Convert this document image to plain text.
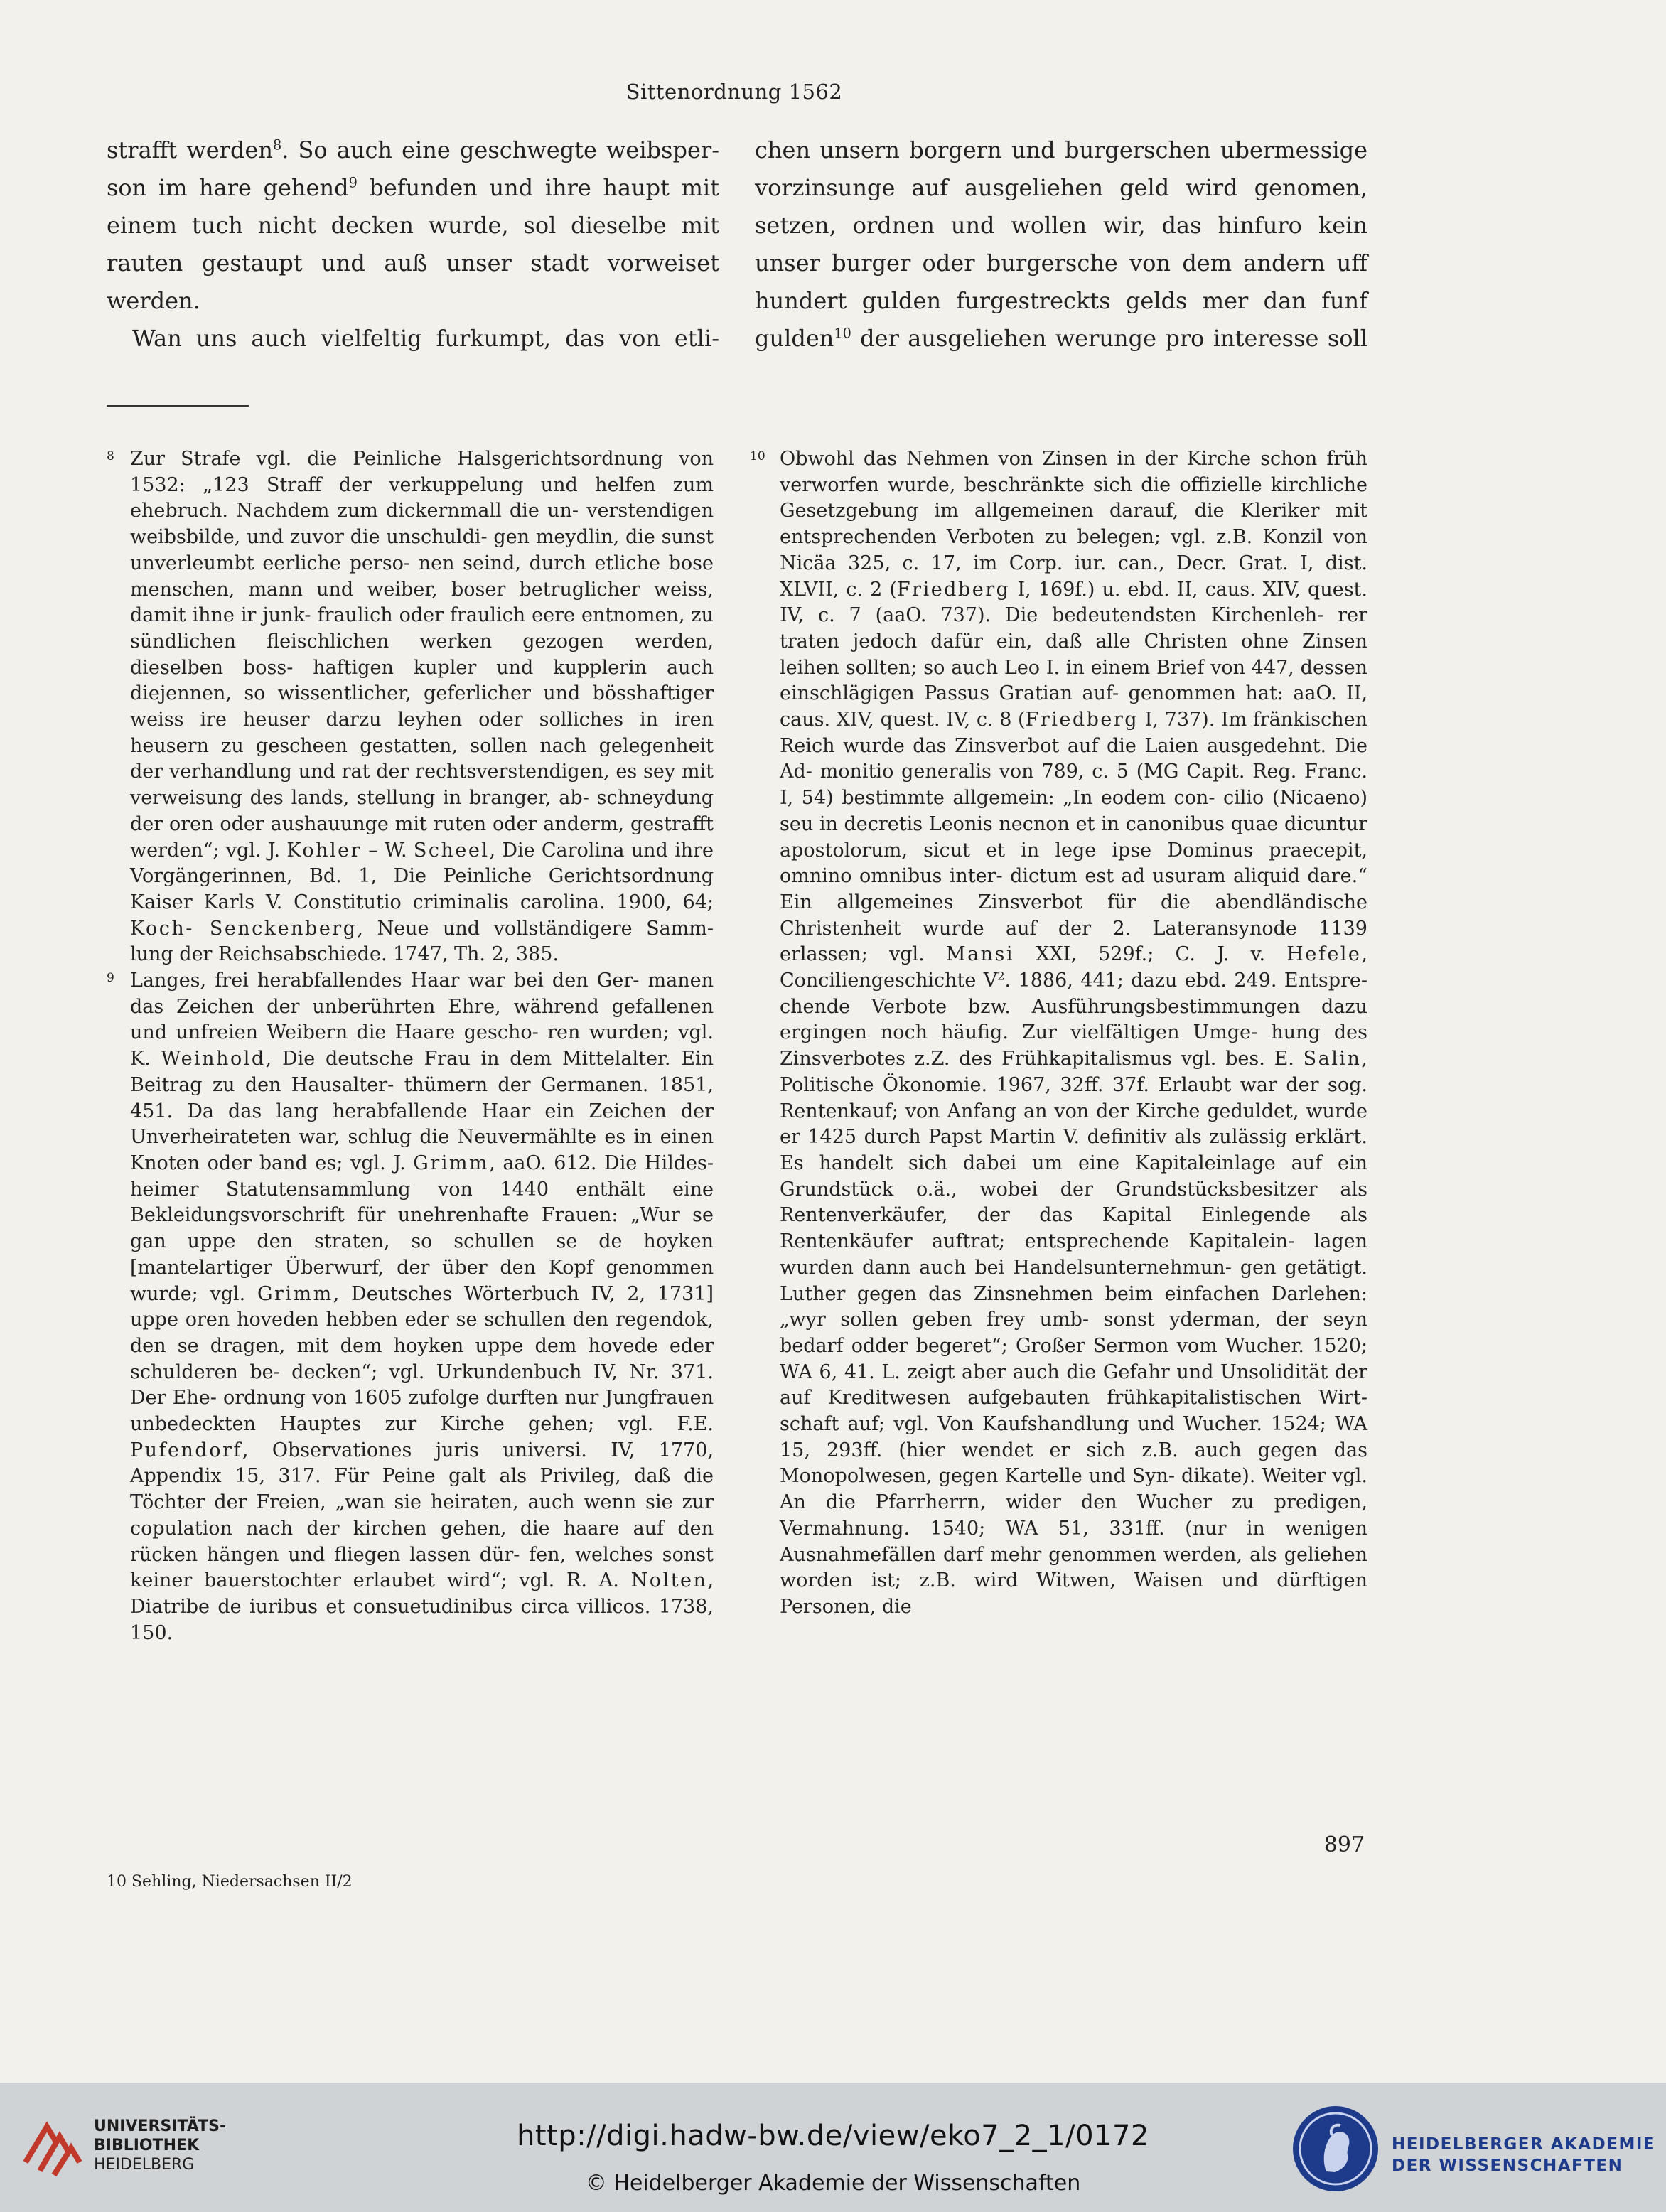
Sittenordnung 1562

strafft werden$^8$. So auch eine geschwegte weibsper- son im hare gehend$^9$ befunden und ihre haupt mit einem tuch nicht decken wurde, sol dieselbe mit rauten gestaupt und auß unser stadt vorweiset werden.

Wan uns auch vielfeltig furkumpt, das von etli-

chen unsern borgern und burgerschen ubermessige vorzinsunge auf ausgeliehen geld wird genomen, setzen, ordnen und wollen wir, das hinfuro kein unser burger oder burgersche von dem andern uff hundert gulden furgestreckts gelds mer dan funf gulden$^{10}$ der ausgeliehen werunge pro interesse soll

8 Zur Strafe vgl. die Peinliche Halsgerichtsordnung von 1532: „123 Straff der verkuppelung und helfen zum ehebruch. Nachdem zum dickernmall die un- verstendigen weibsbilde, und zuvor die unschuldi- gen meydlin, die sunst unverleumbt eerliche perso- nen seind, durch etliche bose menschen, mann und weiber, boser betruglicher weiss, damit ihne ir junk- fraulich oder fraulich eere entnomen, zu sündlichen fleischlichen werken gezogen werden, dieselben boss- haftigen kupler und kupplerin auch diejennen, so wissentlicher, geferlicher und bösshaftiger weiss ire heuser darzu leyhen oder solliches in iren heusern zu gescheen gestatten, sollen nach gelegenheit der verhandlung und rat der rechtsverstendigen, es sey mit verweisung des lands, stellung in branger, ab- schneydung der oren oder aushauunge mit ruten oder anderm, gestrafft werden“; vgl. J. Kohler – W. Scheel, Die Carolina und ihre Vorgängerinnen, Bd. 1, Die Peinliche Gerichtsordnung Kaiser Karls V. Constitutio criminalis carolina. 1900, 64; Koch- Senckenberg, Neue und vollständigere Samm- lung der Reichsabschiede. 1747, Th. 2, 385.
9 Langes, frei herabfallendes Haar war bei den Ger- manen das Zeichen der unberührten Ehre, während gefallenen und unfreien Weibern die Haare gescho- ren wurden; vgl. K. Weinhold, Die deutsche Frau in dem Mittelalter. Ein Beitrag zu den Hausalter- thümern der Germanen. 1851, 451. Da das lang herabfallende Haar ein Zeichen der Unverheirateten war, schlug die Neuvermählte es in einen Knoten oder band es; vgl. J. Grimm, aaO. 612. Die Hildes- heimer Statutensammlung von 1440 enthält eine Bekleidungsvorschrift für unehrenhafte Frauen: „Wur se gan uppe den straten, so schullen se de hoyken [mantelartiger Überwurf, der über den Kopf genommen wurde; vgl. Grimm, Deutsches Wörterbuch IV, 2, 1731] uppe oren hoveden hebben eder se schullen den regendok, den se dragen, mit dem hoyken uppe dem hovede eder schulderen be- decken“; vgl. Urkundenbuch IV, Nr. 371. Der Ehe- ordnung von 1605 zufolge durften nur Jungfrauen unbedeckten Hauptes zur Kirche gehen; vgl. F.E. Pufendorf, Observationes juris universi. IV, 1770, Appendix 15, 317. Für Peine galt als Privileg, daß die Töchter der Freien, „wan sie heiraten, auch wenn sie zur copulation nach der kirchen gehen, die haare auf den rücken hängen und fliegen lassen dür- fen, welches sonst keiner bauerstochter erlaubet wird“; vgl. R. A. Nolten, Diatribe de iuribus et consuetudinibus circa villicos. 1738, 150.
10 Obwohl das Nehmen von Zinsen in der Kirche schon früh verworfen wurde, beschränkte sich die offizielle kirchliche Gesetzgebung im allgemeinen darauf, die Kleriker mit entsprechenden Verboten zu belegen; vgl. z.B. Konzil von Nicäa 325, c. 17, im Corp. iur. can., Decr. Grat. I, dist. XLVII, c. 2 (Friedberg I, 169f.) u. ebd. II, caus. XIV, quest. IV, c. 7 (aaO. 737). Die bedeutendsten Kirchenleh- rer traten jedoch dafür ein, daß alle Christen ohne Zinsen leihen sollten; so auch Leo I. in einem Brief von 447, dessen einschlägigen Passus Gratian auf- genommen hat: aaO. II, caus. XIV, quest. IV, c. 8 (Friedberg I, 737). Im fränkischen Reich wurde das Zinsverbot auf die Laien ausgedehnt. Die Ad- monitio generalis von 789, c. 5 (MG Capit. Reg. Franc. I, 54) bestimmte allgemein: „In eodem con- cilio (Nicaeno) seu in decretis Leonis necnon et in canonibus quae dicuntur apostolorum, sicut et in lege ipse Dominus praecepit, omnino omnibus inter- dictum est ad usuram aliquid dare.“ Ein allgemeines Zinsverbot für die abendländische Christenheit wurde auf der 2. Lateransynode 1139 erlassen; vgl. Mansi XXI, 529f.; C. J. v. Hefele, Conciliengeschichte $V^2$. 1886, 441; dazu ebd. 249. Entspre- chende Verbote bzw. Ausführungsbestimmungen dazu ergingen noch häufig. Zur vielfältigen Umge- hung des Zinsverbotes z.Z. des Frühkapitalismus vgl. bes. E. Salin, Politische Ökonomie. 1967, 32ff. 37f. Erlaubt war der sog. Rentenkauf; von Anfang an von der Kirche geduldet, wurde er 1425 durch Papst Martin V. definitiv als zulässig erklärt. Es handelt sich dabei um eine Kapitaleinlage auf ein Grundstück o.ä., wobei der Grundstücksbesitzer als Rentenverkäufer, der das Kapital Einlegende als Rentenkäufer auftrat; entsprechende Kapitalein- lagen wurden dann auch bei Handelsunternehmun- gen getätigt. Luther gegen das Zinsnehmen beim einfachen Darlehen: „wyr sollen geben frey umb- sonst yderman, der seyn bedarf odder begeret“; Großer Sermon vom Wucher. 1520; WA 6, 41. L. zeigt aber auch die Gefahr und Unsolidität der auf Kreditwesen aufgebauten frühkapitalistischen Wirt- schaft auf; vgl. Von Kaufshandlung und Wucher. 1524; WA 15, 293ff. (hier wendet er sich z.B. auch gegen das Monopolwesen, gegen Kartelle und Syn- dikate). Weiter vgl. An die Pfarrherrn, wider den Wucher zu predigen, Vermahnung. 1540; WA 51, 331ff. (nur in wenigen Ausnahmefällen darf mehr genommen werden, als geliehen worden ist; z.B. wird Witwen, Waisen und dürftigen Personen, die
897
10 Sehling, Niedersachsen II/2
UNIVERSITÄTS-
BIBLIOTHEK
HEIDELBERG
http://digi.hadw-bw.de/view/eko7_2_1/0172
© Heidelberger Akademie der Wissenschaften
HEIDELBERGER AKADEMIE
DER WISSENSCHAFTEN
